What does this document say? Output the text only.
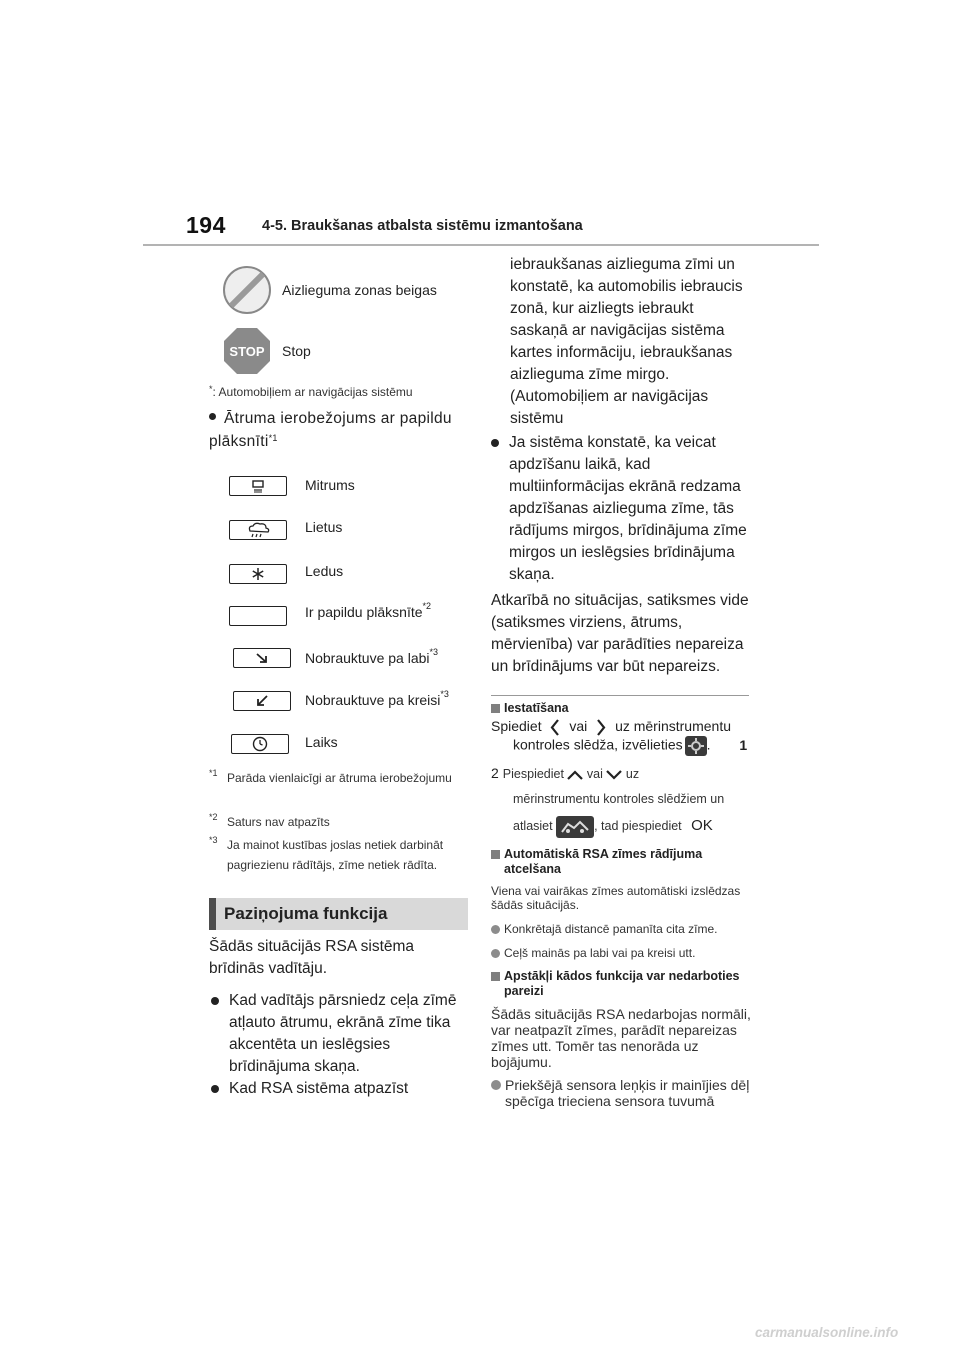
194 4-5. Braukšanas atbalsta sistēmu izmantošana
Aizlieguma zonas beigas
STOP Stop
*: Automobiļiem ar navigācijas sistēmu
Ātruma ierobežojums ar papildu plāksnīti$^{*1}$
Mitrums
Lietus
Ledus
Ir papildu plāksnīte$^{*2}$
Nobrauktuve pa labi$^{*3}$
Nobrauktuve pa kreisi$^{*3}$
Laiks
$^{*1}$ Parāda vienlaicīgi ar ātruma ierobežojumu
$^{*2}$ Saturs nav atpazīts
$^{*3}$ Ja mainot kustības joslas netiek darbināt pagriezienu rādītājs, zīme netiek rādīta.
Paziņojuma funkcija
Šādās situācijās RSA sistēma brīdinās vadītāju.
Kad vadītājs pārsniedz ceļa zīmē atļauto ātrumu, ekrānā zīme tika akcentēta un ieslēgsies brīdinājuma skaņa.
Kad RSA sistēma atpazīst
iebraukšanas aizlieguma zīmi un konstatē, ka automobilis iebraucis zonā, kur aizliegts iebraukt saskaņā ar navigācijas sistēma kartes informāciju, iebraukšanas aizlieguma zīme mirgo. (Automobiļiem ar navigācijas sistēmu
Ja sistēma konstatē, ka veicat apdzīšanu laikā, kad multiinformācijas ekrānā redzama apdzīšanas aizlieguma zīme, tās rādījums mirgos, brīdinājuma zīme mirgos un ieslēgsies brīdinājuma skaņa.
Atkarībā no situācijas, satiksmes vide (satiksmes virziens, ātrums, mērvienība) var parādīties nepareiza un brīdinājums var būt nepareizs.
Iestatīšana
Spiediet vai uz mērinstrumentu
kontroles slēdža, izvēlieties . 1
2 Piespiediet vai uz
mērinstrumentu kontroles slēdžiem un
atlasiet	, tad piespiediet OK
Automātiskā RSA zīmes rādījuma atcelšana
Viena vai vairākas zīmes automātiski izslēdzas šādās situācijās.
Konkrētajā distancē pamanīta cita zīme.
Ceļš mainās pa labi vai pa kreisi utt.
Apstākļi kādos funkcija var nedarboties pareizi
Šādās situācijās RSA nedarbojas normāli, var neatpazīt zīmes, parādīt nepareizas zīmes utt. Tomēr tas nenorāda uz bojājumu.
Priekšējā sensora leņķis ir mainījies dēļ spēcīga trieciena sensora tuvumā
carmanualsonline.info
